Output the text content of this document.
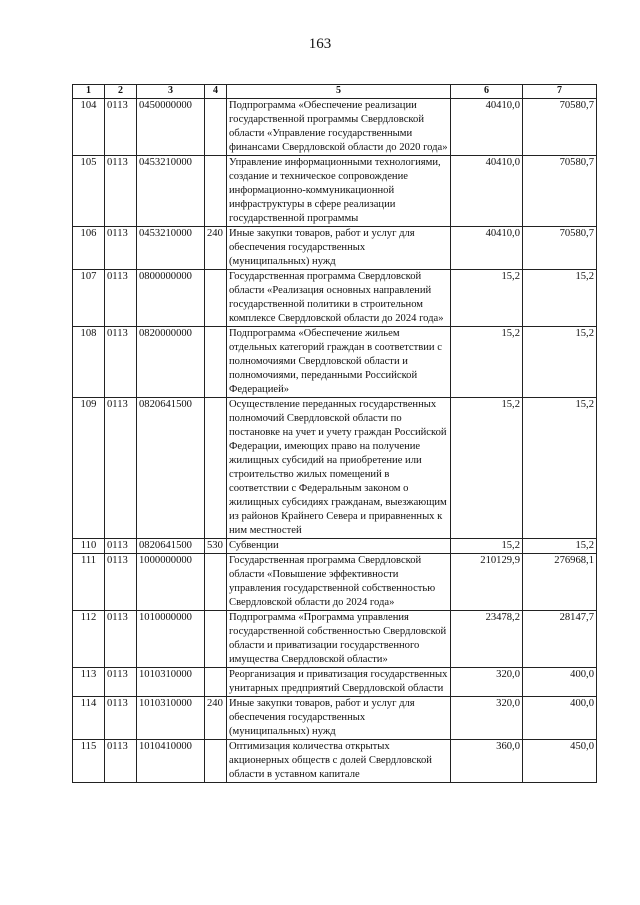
163
1	2	3	4	5	6	7
104	0113	0450000000		Подпрограмма «Обеспечение реализации государственной программы Свердловской области «Управление государственными финансами Свердловской области до 2020 года»	40410,0	70580,7
105	0113	0453210000		Управление информационными технологиями, создание и техническое сопровождение информационно-коммуникационной инфраструктуры в сфере реализации государственной программы	40410,0	70580,7
106	0113	0453210000	240	Иные закупки товаров, работ и услуг для обеспечения государственных (муниципальных) нужд	40410,0	70580,7
107	0113	0800000000		Государственная программа Свердловской области «Реализация основных направлений государственной политики в строительном комплексе Свердловской области до 2024 года»	15,2	15,2
108	0113	0820000000		Подпрограмма «Обеспечение жильем отдельных категорий граждан в соответствии с полномочиями Свердловской области и полномочиями, переданными Российской Федерацией»	15,2	15,2
109	0113	0820641500		Осуществление переданных государственных полномочий Свердловской области по постановке на учет и учету граждан Российской Федерации, имеющих право на получение жилищных субсидий на приобретение или строительство жилых помещений в соответствии с Федеральным законом о жилищных субсидиях гражданам, выезжающим из районов Крайнего Севера и приравненных к ним местностей	15,2	15,2
110	0113	0820641500	530	Субвенции	15,2	15,2
111	0113	1000000000		Государственная программа Свердловской области «Повышение эффективности управления государственной собственностью Свердловской области до 2024 года»	210129,9	276968,1
112	0113	1010000000		Подпрограмма «Программа управления государственной собственностью Свердловской области и приватизации государственного имущества Свердловской области»	23478,2	28147,7
113	0113	1010310000		Реорганизация и приватизация государственных унитарных предприятий Свердловской области	320,0	400,0
114	0113	1010310000	240	Иные закупки товаров, работ и услуг для обеспечения государственных (муниципальных) нужд	320,0	400,0
115	0113	1010410000		Оптимизация количества открытых акционерных обществ с долей Свердловской области в уставном капитале	360,0	450,0
